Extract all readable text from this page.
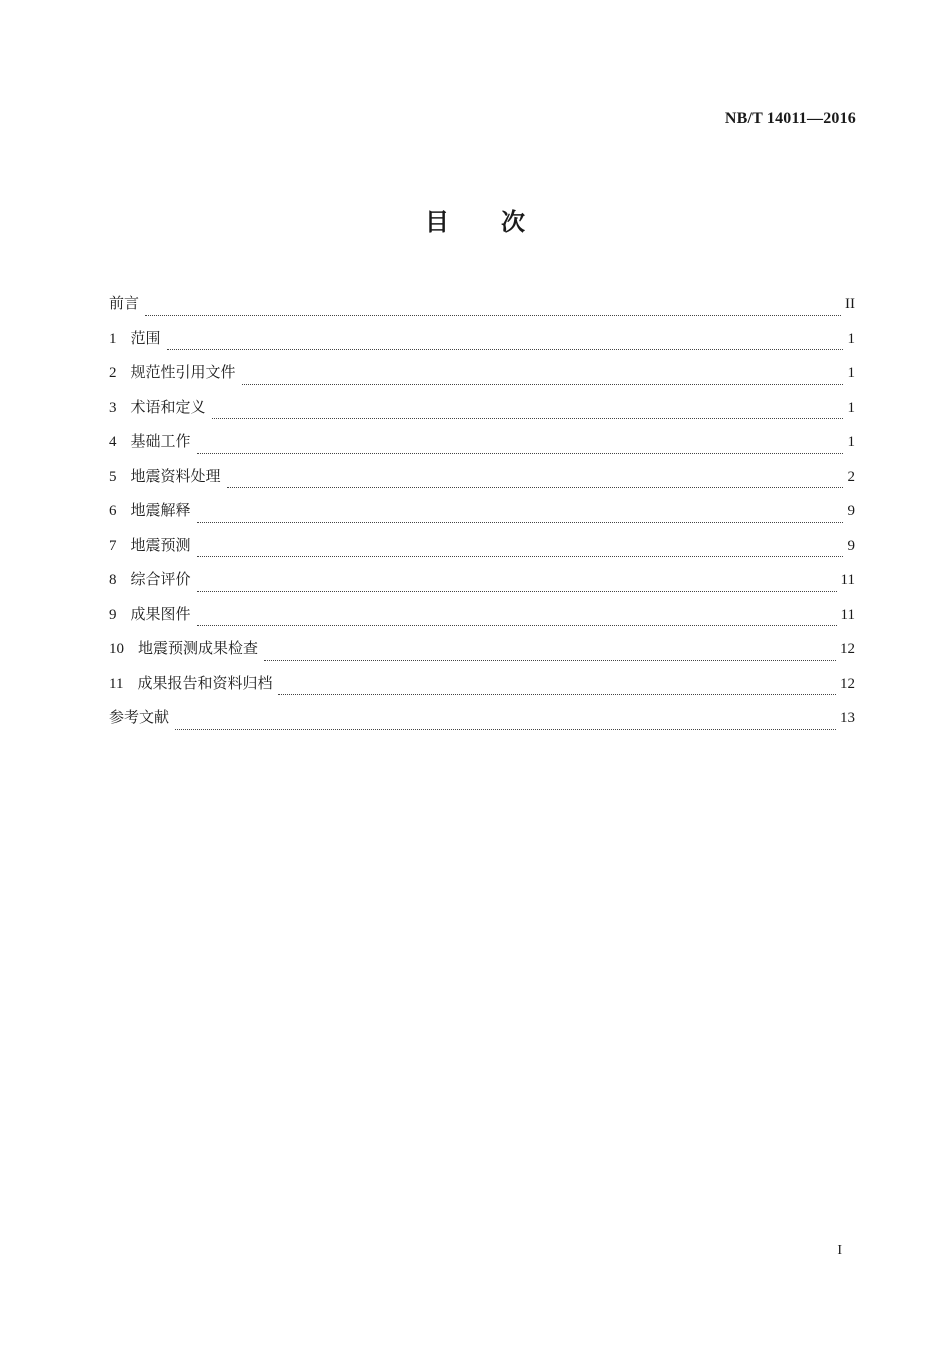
NB/T 14011—2016
目次
前言	II
1 范围	1
2 规范性引用文件	1
3 术语和定义	1
4 基础工作	1
5 地震资料处理	2
6 地震解释	9
7 地震预测	9
8 综合评价	11
9 成果图件	11
10 地震预测成果检查	12
11 成果报告和资料归档	12
参考文献	13
I
